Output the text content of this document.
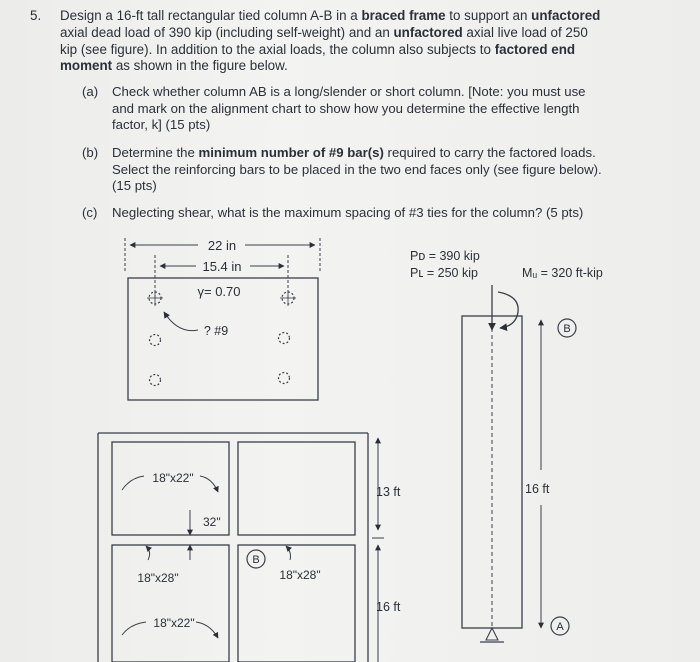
5. Design a 16-ft tall rectangular tied column A-B in a braced frame to support an unfactored
axial dead load of 390 kip (including self-weight) and an unfactored axial live load of 250
kip (see figure). In addition to the axial loads, the column also subjects to factored end
moment as shown in the figure below.
(a) Check whether column AB is a long/slender or short column. [Note: you must use
and mark on the alignment chart to show how you determine the effective length
factor, k] (15 pts)
(b) Determine the minimum number of #9 bar(s) required to carry the factored loads.
Select the reinforcing bars to be placed in the two end faces only (see figure below).
(15 pts)
(c) Neglecting shear, what is the maximum spacing of #3 ties for the column? (5 pts)
22 in
15.4 in
γ= 0.70
? #9
18"x22"
32"
18"x28"	18"x28"
B
18"x22"
13 ft
16 ft
Pᴅ = 390 kip
Pʟ = 250 kip	Mᵤ = 320 ft-kip
16 ft
B
A
